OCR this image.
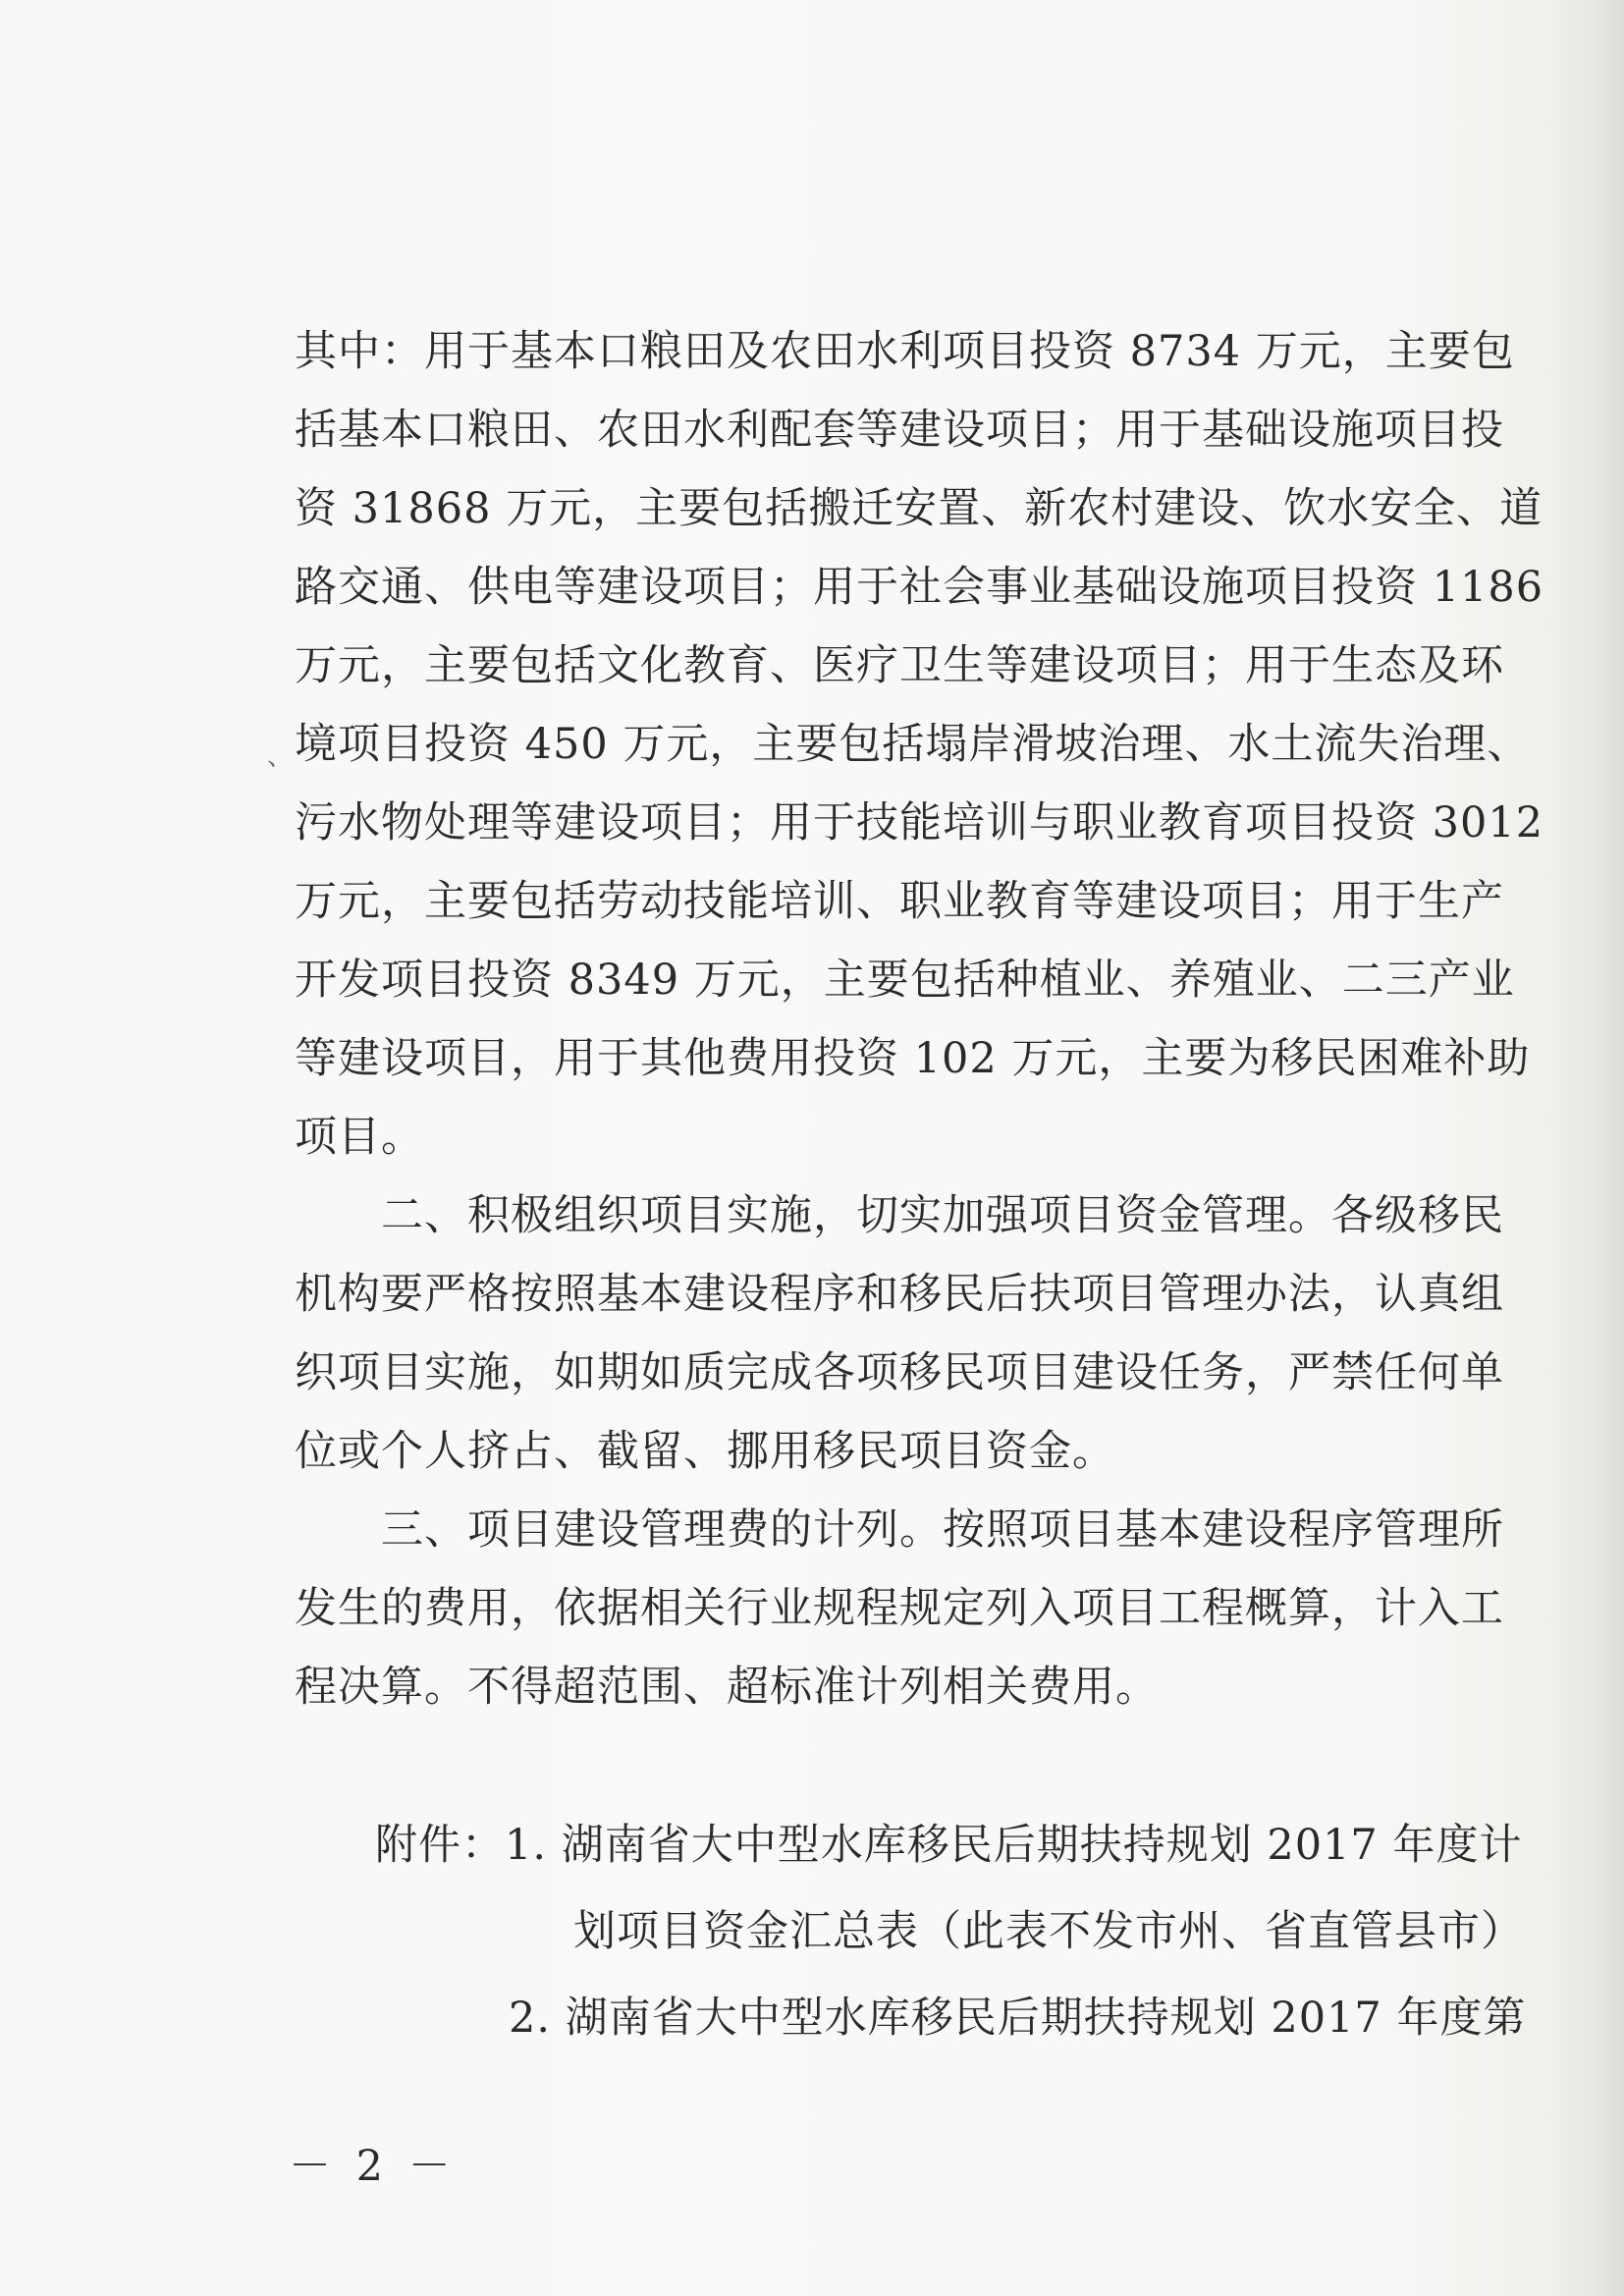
、
其中：用于基本口粮田及农田水利项目投资 8734 万元，主要包
括基本口粮田、农田水利配套等建设项目；用于基础设施项目投
资 31868 万元，主要包括搬迁安置、新农村建设、饮水安全、道
路交通、供电等建设项目；用于社会事业基础设施项目投资 1186
万元，主要包括文化教育、医疗卫生等建设项目；用于生态及环
境项目投资 450 万元，主要包括塌岸滑坡治理、水土流失治理、
污水物处理等建设项目；用于技能培训与职业教育项目投资 3012
万元，主要包括劳动技能培训、职业教育等建设项目；用于生产
开发项目投资 8349 万元，主要包括种植业、养殖业、二三产业
等建设项目，用于其他费用投资 102 万元，主要为移民困难补助
项目。
二、积极组织项目实施，切实加强项目资金管理。各级移民
机构要严格按照基本建设程序和移民后扶项目管理办法，认真组
织项目实施，如期如质完成各项移民项目建设任务，严禁任何单
位或个人挤占、截留、挪用移民项目资金。
三、项目建设管理费的计列。按照项目基本建设程序管理所
发生的费用，依据相关行业规程规定列入项目工程概算，计入工
程决算。不得超范围、超标准计列相关费用。
附件：1. 湖南省大中型水库移民后期扶持规划 2017 年度计
划项目资金汇总表（此表不发市州、省直管县市）
2. 湖南省大中型水库移民后期扶持规划 2017 年度第
－ 2 －
